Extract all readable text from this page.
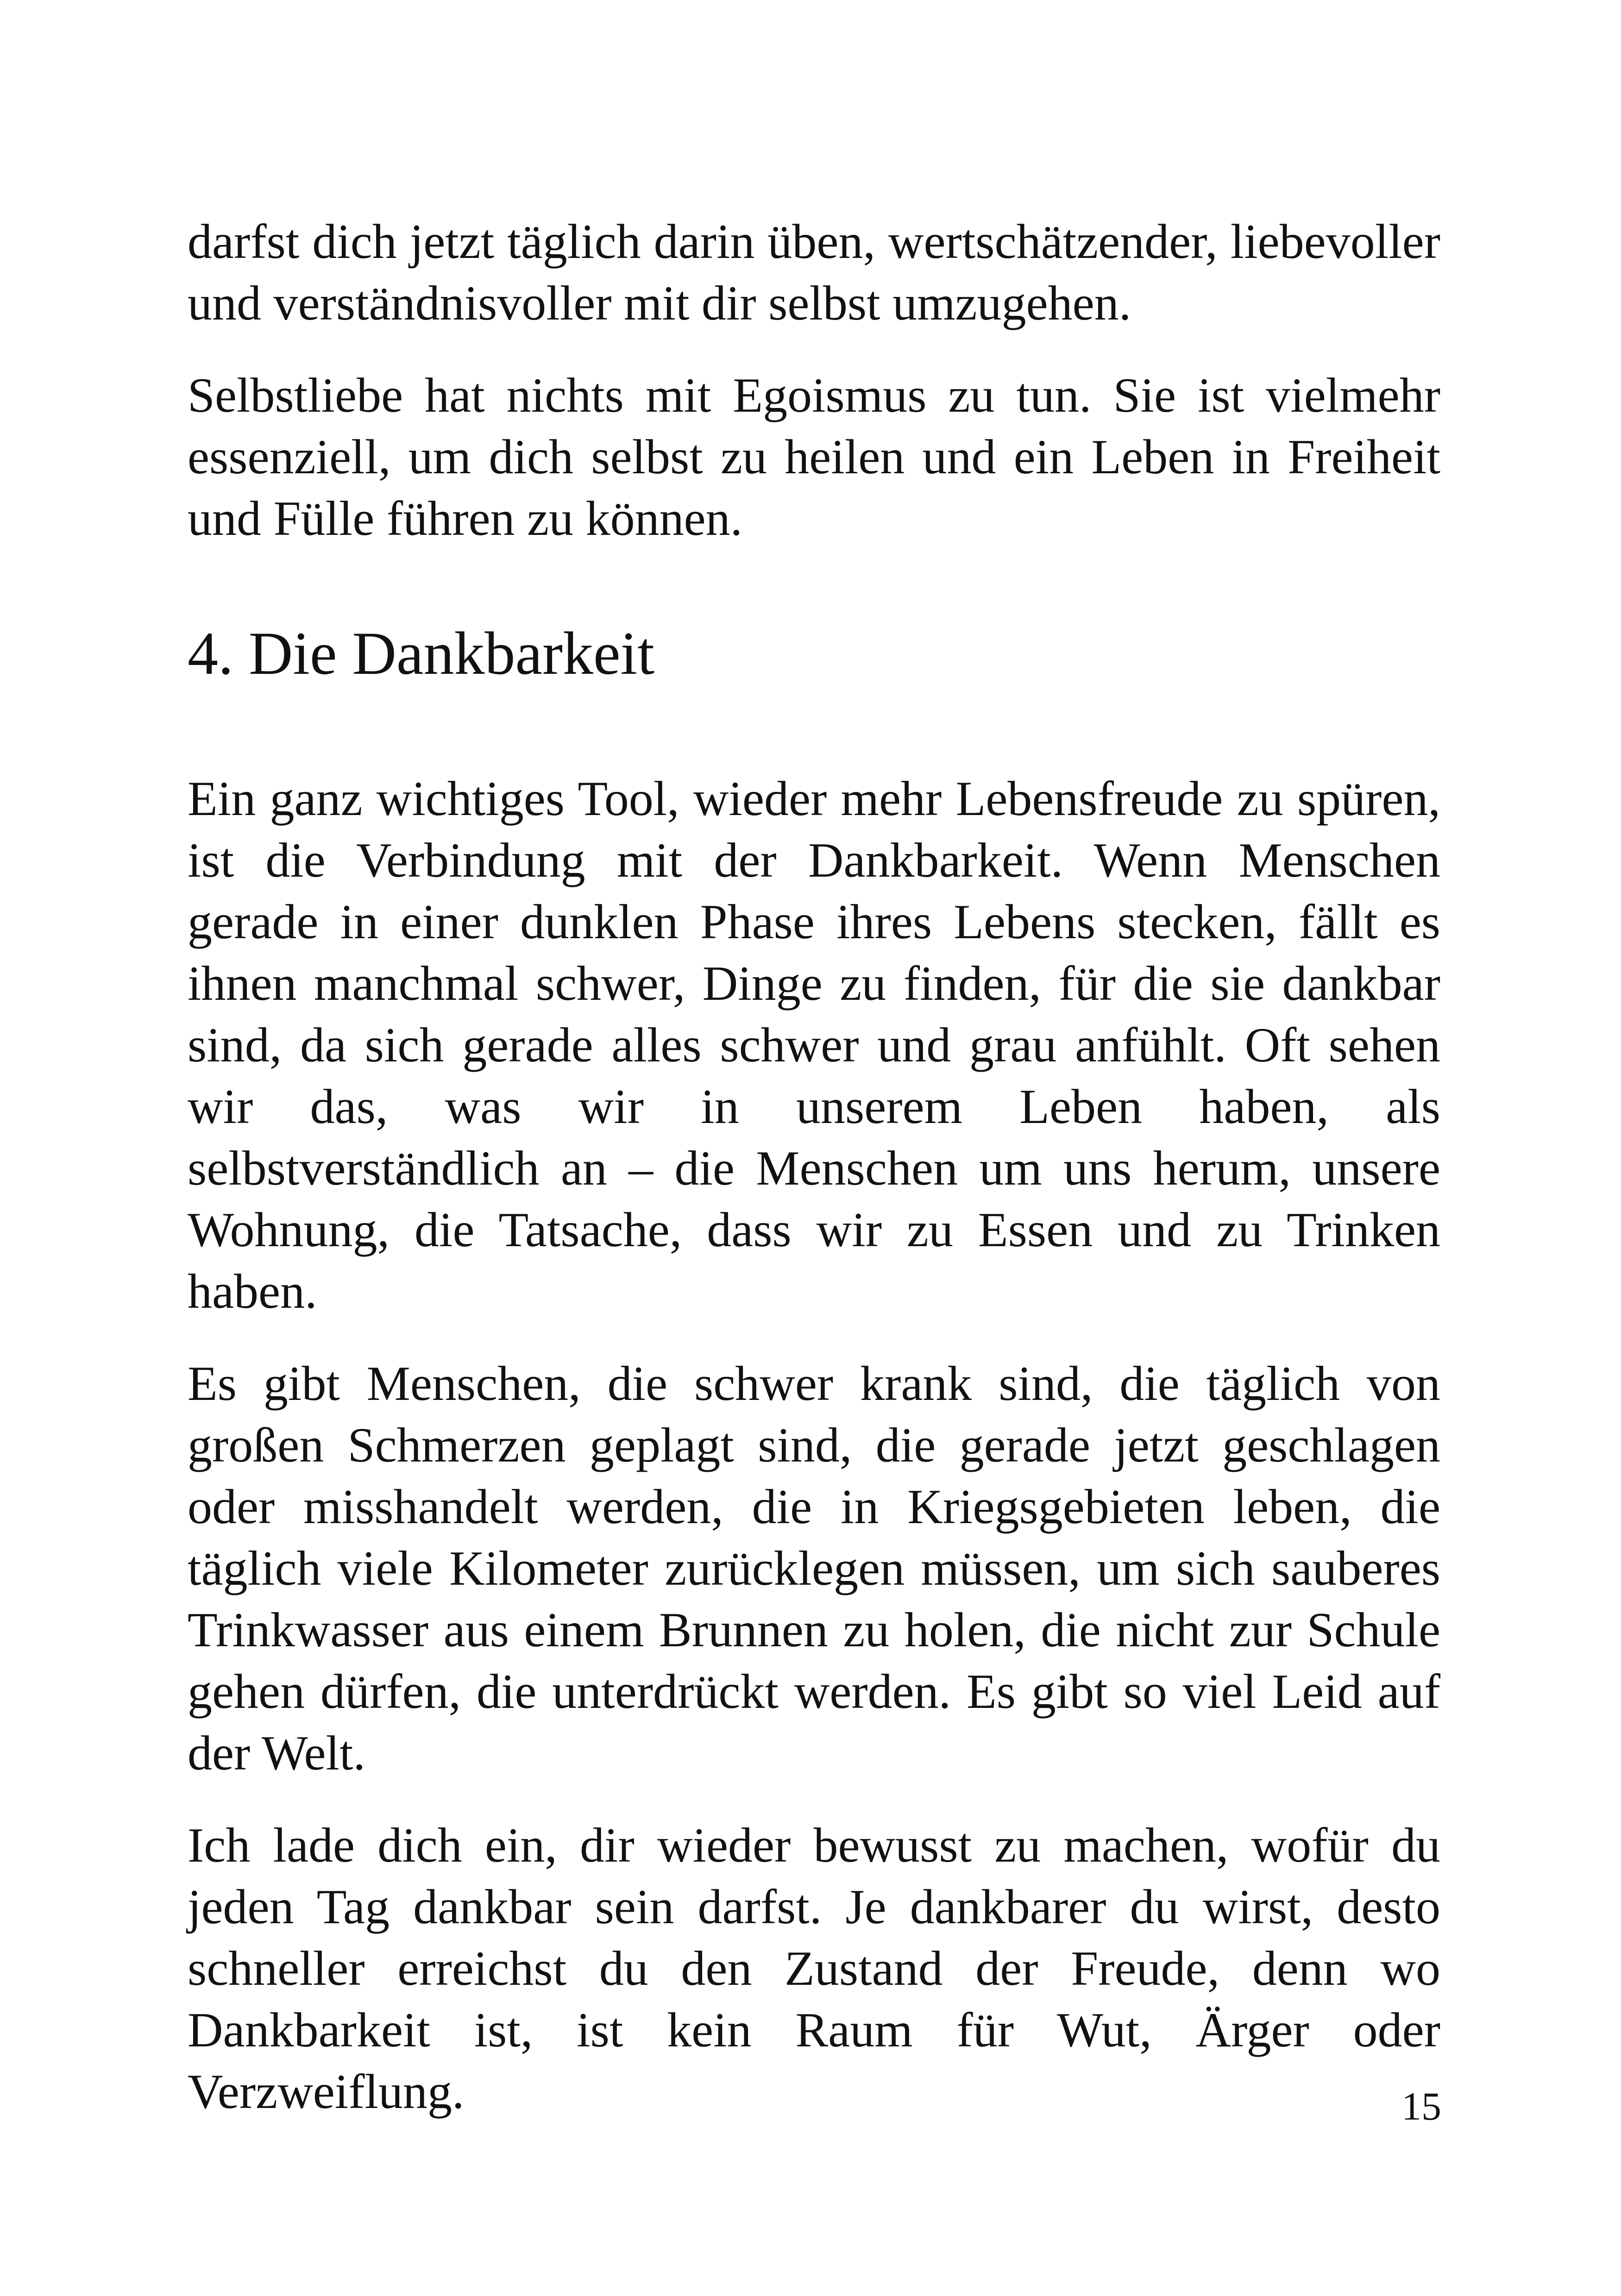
darfst dich jetzt täglich darin üben, wertschätzender, liebevoller und verständnisvoller mit dir selbst umzugehen.

Selbstliebe hat nichts mit Egoismus zu tun. Sie ist vielmehr essenziell, um dich selbst zu heilen und ein Leben in Freiheit und Fülle führen zu können.

4. Die Dankbarkeit

Ein ganz wichtiges Tool, wieder mehr Lebensfreude zu spüren, ist die Verbindung mit der Dankbarkeit. Wenn Menschen gerade in einer dunklen Phase ihres Lebens stecken, fällt es ihnen manchmal schwer, Dinge zu finden, für die sie dankbar sind, da sich gerade alles schwer und grau anfühlt. Oft sehen wir das, was wir in unserem Leben haben, als selbstverständlich an – die Menschen um uns herum, unsere Wohnung, die Tatsache, dass wir zu Essen und zu Trinken haben.

Es gibt Menschen, die schwer krank sind, die täglich von großen Schmerzen geplagt sind, die gerade jetzt geschlagen oder misshandelt werden, die in Kriegsgebieten leben, die täglich viele Kilometer zurücklegen müssen, um sich sauberes Trinkwasser aus einem Brunnen zu holen, die nicht zur Schule gehen dürfen, die unterdrückt werden. Es gibt so viel Leid auf der Welt.

Ich lade dich ein, dir wieder bewusst zu machen, wofür du jeden Tag dankbar sein darfst. Je dankbarer du wirst, desto schneller erreichst du den Zustand der Freude, denn wo Dankbarkeit ist, ist kein Raum für Wut, Ärger oder Verzweiflung.	15
